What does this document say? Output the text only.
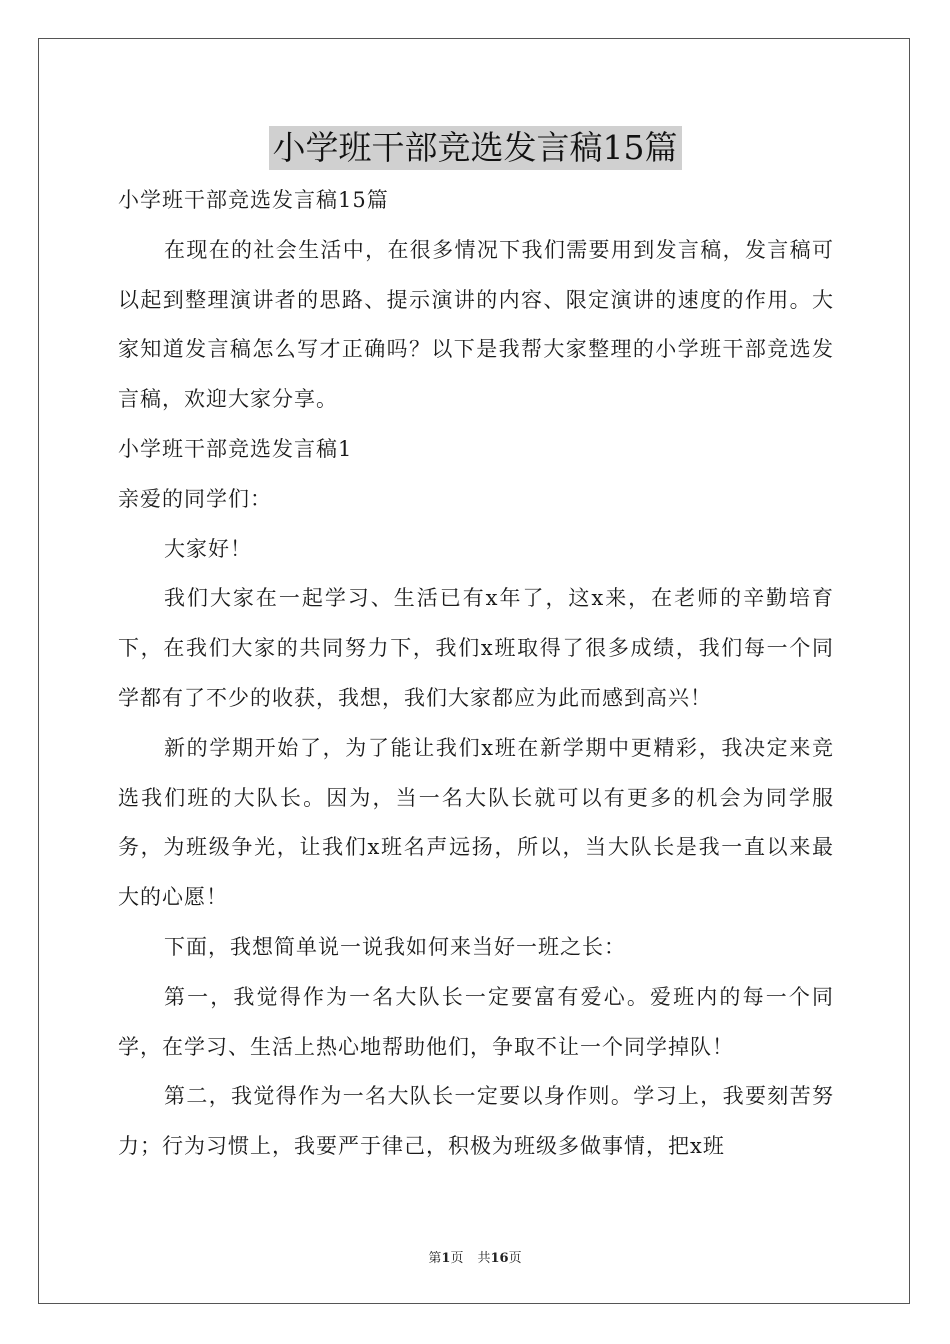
小学班干部竞选发言稿15篇

小学班干部竞选发言稿15篇

在现在的社会生活中，在很多情况下我们需要用到发言稿，发言稿可以起到整理演讲者的思路、提示演讲的内容、限定演讲的速度的作用。大家知道发言稿怎么写才正确吗？以下是我帮大家整理的小学班干部竞选发言稿，欢迎大家分享。

小学班干部竞选发言稿1

亲爱的同学们：

大家好！

我们大家在一起学习、生活已有x年了，这x来，在老师的辛勤培育下，在我们大家的共同努力下，我们x班取得了很多成绩，我们每一个同学都有了不少的收获，我想，我们大家都应为此而感到高兴！

新的学期开始了，为了能让我们x班在新学期中更精彩，我决定来竞选我们班的大队长。因为，当一名大队长就可以有更多的机会为同学服务，为班级争光，让我们x班名声远扬，所以，当大队长是我一直以来最大的心愿！

下面，我想简单说一说我如何来当好一班之长：

第一，我觉得作为一名大队长一定要富有爱心。爱班内的每一个同学，在学习、生活上热心地帮助他们，争取不让一个同学掉队！

第二，我觉得作为一名大队长一定要以身作则。学习上，我要刻苦努力；行为习惯上，我要严于律己，积极为班级多做事情，把x班

第1页 共16页
